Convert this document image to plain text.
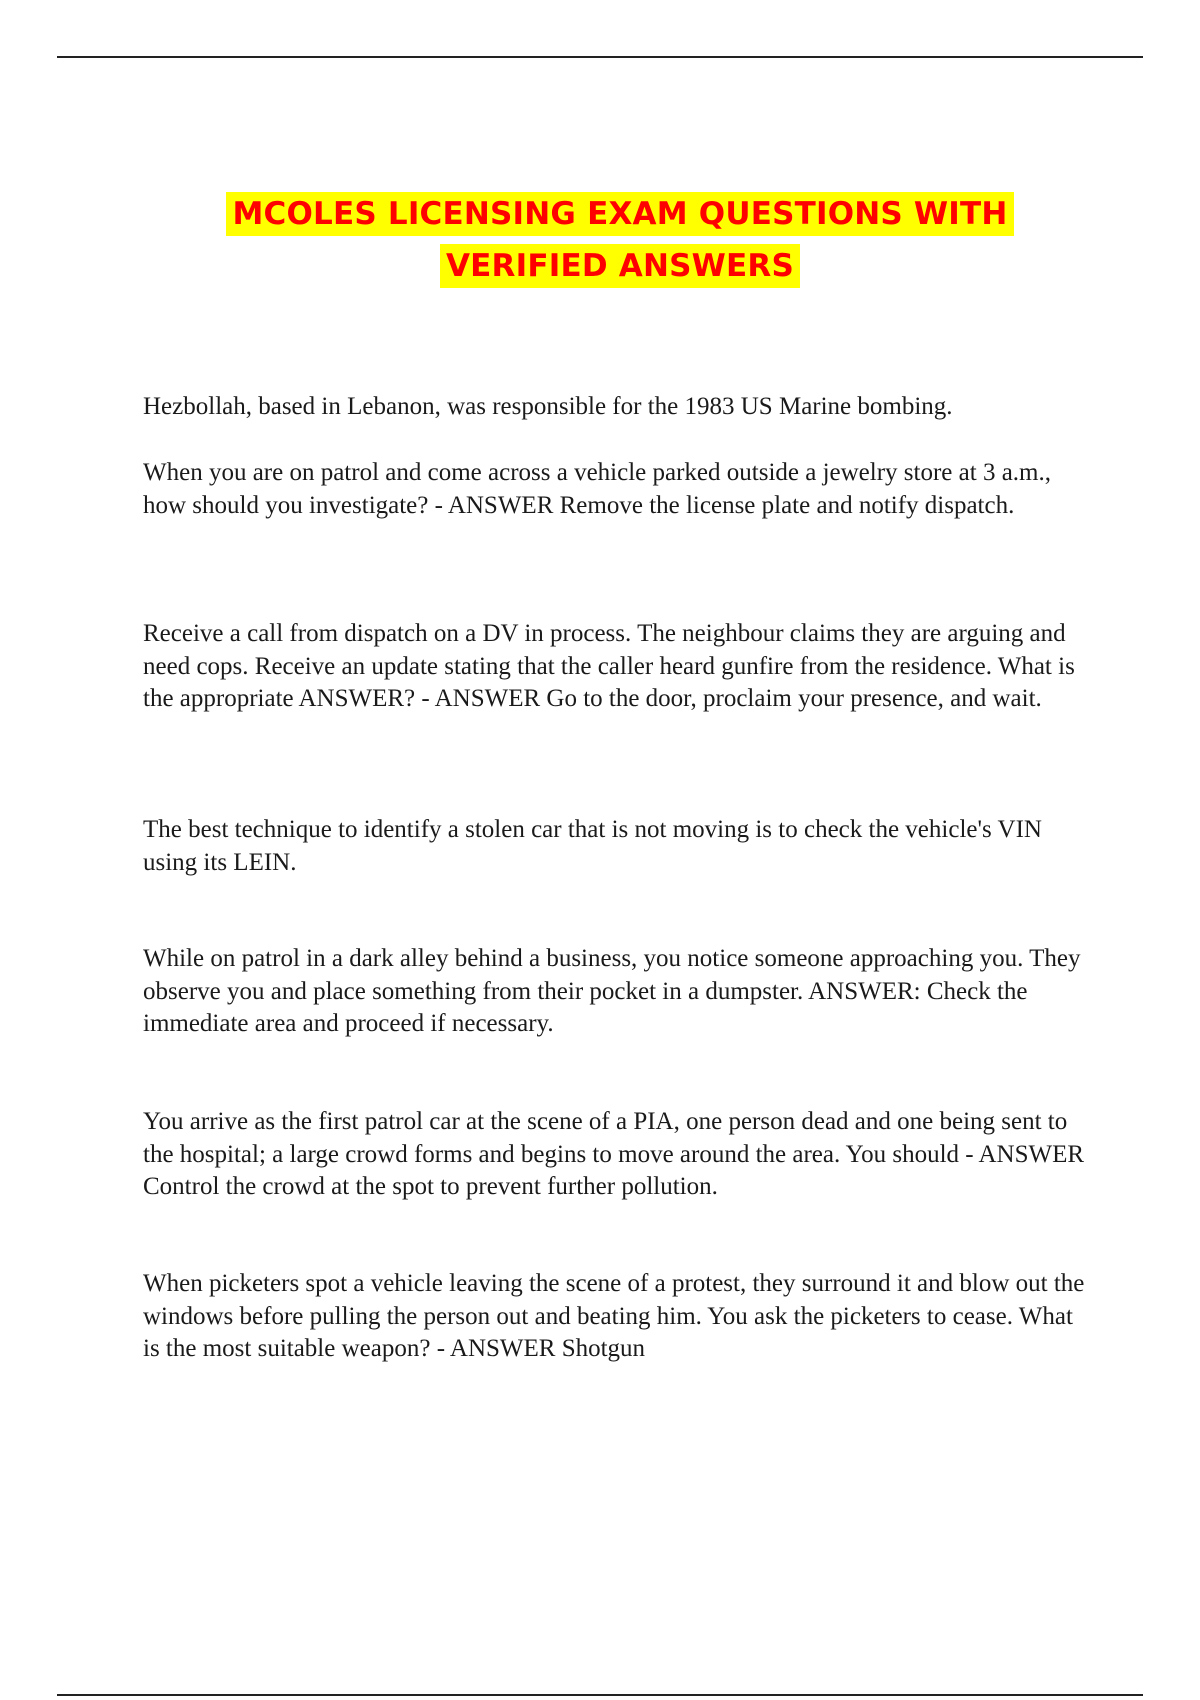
MCOLES LICENSING EXAM QUESTIONS WITH
VERIFIED ANSWERS

Hezbollah, based in Lebanon, was responsible for the 1983 US Marine bombing.

When you are on patrol and come across a vehicle parked outside a jewelry store at 3 a.m., how should you investigate? - ANSWER Remove the license plate and notify dispatch.

Receive a call from dispatch on a DV in process. The neighbour claims they are arguing and need cops. Receive an update stating that the caller heard gunfire from the residence. What is the appropriate ANSWER? - ANSWER Go to the door, proclaim your presence, and wait.

The best technique to identify a stolen car that is not moving is to check the vehicle's VIN using its LEIN.

While on patrol in a dark alley behind a business, you notice someone approaching you. They observe you and place something from their pocket in a dumpster. ANSWER: Check the immediate area and proceed if necessary.

You arrive as the first patrol car at the scene of a PIA, one person dead and one being sent to the hospital; a large crowd forms and begins to move around the area. You should - ANSWER Control the crowd at the spot to prevent further pollution.

When picketers spot a vehicle leaving the scene of a protest, they surround it and blow out the windows before pulling the person out and beating him. You ask the picketers to cease. What is the most suitable weapon? - ANSWER Shotgun
